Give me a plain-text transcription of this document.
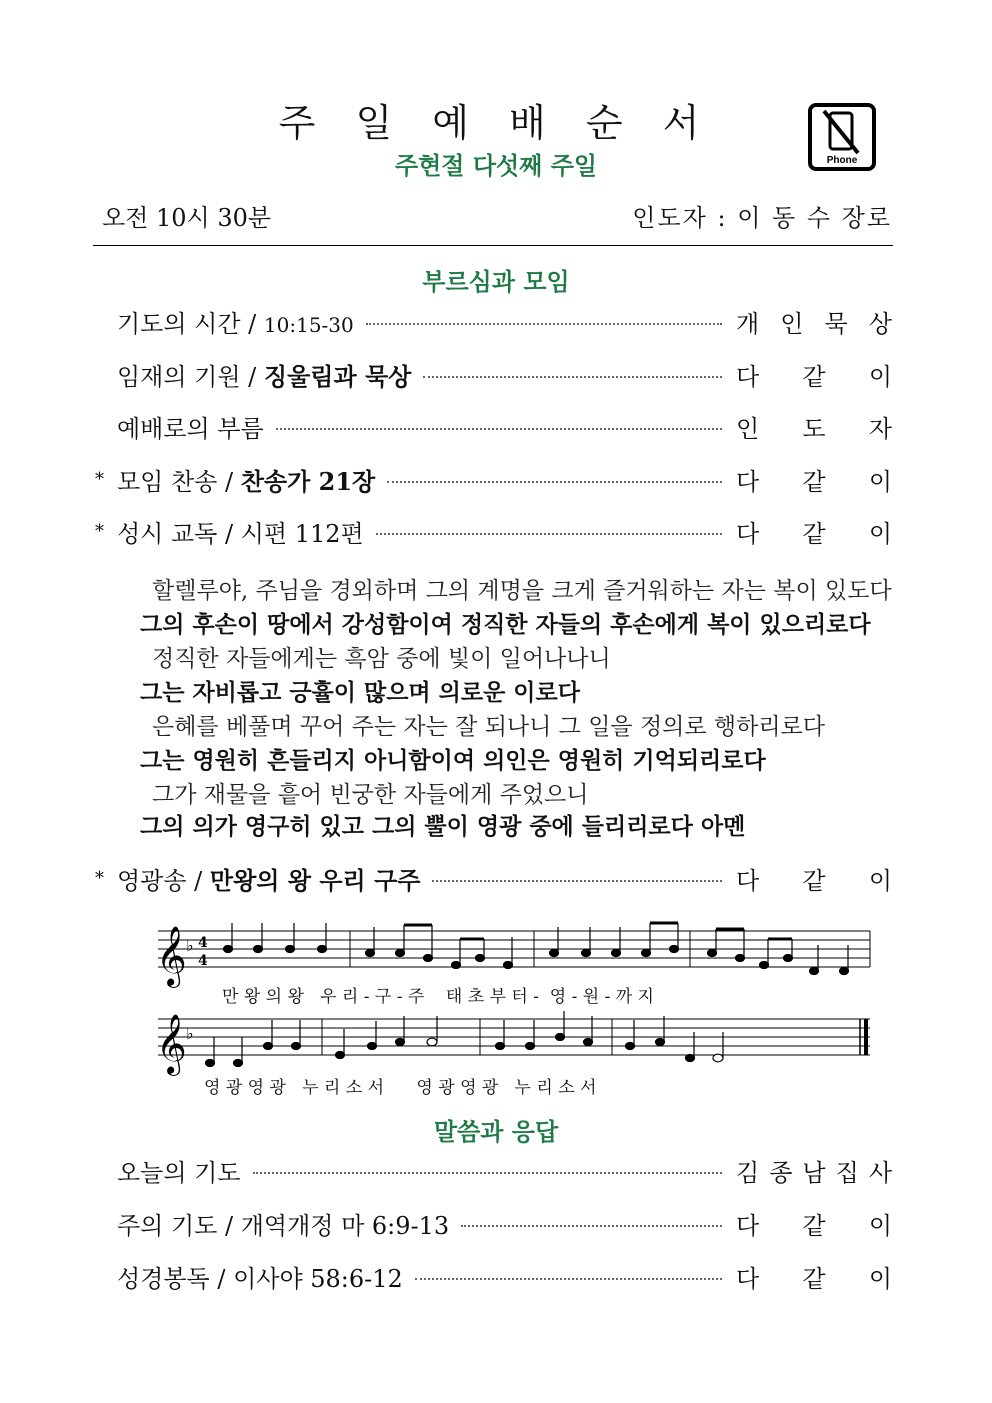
주 일 예 배 순 서
주현절 다섯째 주일	Phone
오전 10시 30분	인도자 : 이 동 수 장로
부르심과 모임
기도의 시간 / 10:15-30	개 인 묵 상
임재의 기원 / 징울림과 묵상	다 같 이
예배로의 부름	인 도 자
* 모임 찬송 / 찬송가 21장	다 같 이
* 성시 교독 / 시편 112편	다 같 이
할렐루야, 주님을 경외하며 그의 계명을 크게 즐거워하는 자는 복이 있도다
그의 후손이 땅에서 강성함이여 정직한 자들의 후손에게 복이 있으리로다
정직한 자들에게는 흑암 중에 빛이 일어나나니
그는 자비롭고 긍휼이 많으며 의로운 이로다
은혜를 베풀며 꾸어 주는 자는 잘 되나니 그 일을 정의로 행하리로다
그는 영원히 흔들리지 아니함이여 의인은 영원히 기억되리로다
그가 재물을 흩어 빈궁한 자들에게 주었으니
그의 의가 영구히 있고 그의 뿔이 영광 중에 들리리로다 아멘
* 영광송 / 만왕의 왕 우리 구주	다 같 이
𝄞 ♭ 4
4
𝄞 ♭
만 왕 의 왕   우 리 - 구 - 주    태 초 부 터 -  영 - 원 - 까 지
영 광 영 광   누 리 소 서      영 광 영 광   누 리 소 서
말씀과 응답
오늘의 기도	김 종 남 집 사
주의 기도 / 개역개정 마 6:9-13	다 같 이
성경봉독 / 이사야 58:6-12	다 같 이
